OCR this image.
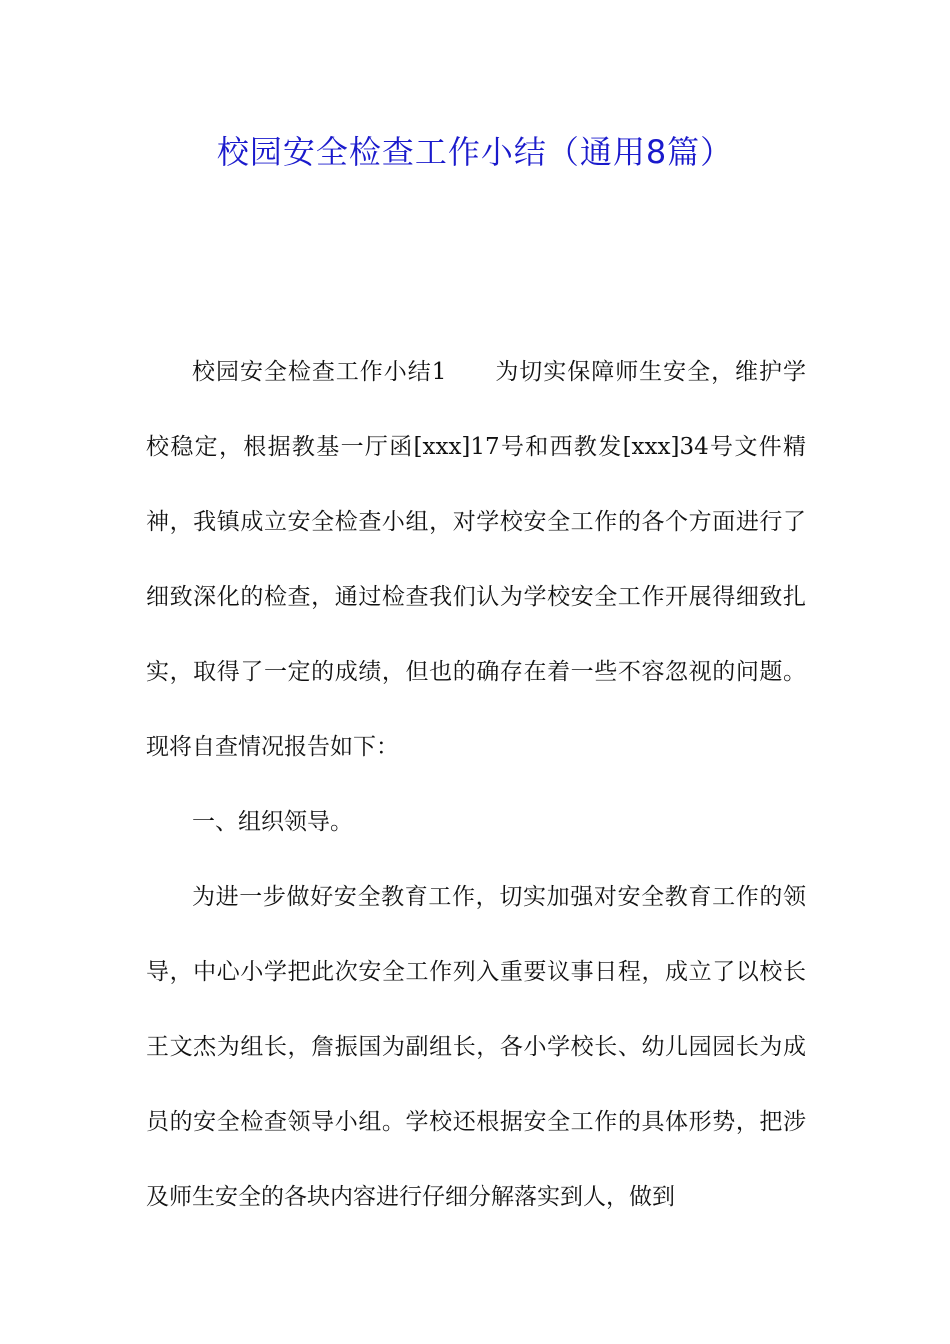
校园安全检查工作小结（通用8篇）

校园安全检查工作小结1 为切实保障师生安全，维护学校稳定，根据教基一厅函[xxx]17号和西教发[xxx]34号文件精神，我镇成立安全检查小组，对学校安全工作的各个方面进行了细致深化的检查，通过检查我们认为学校安全工作开展得细致扎实，取得了一定的成绩，但也的确存在着一些不容忽视的问题。现将自查情况报告如下：

一、组织领导。

为进一步做好安全教育工作，切实加强对安全教育工作的领导，中心小学把此次安全工作列入重要议事日程，成立了以校长王文杰为组长，詹振国为副组长，各小学校长、幼儿园园长为成员的安全检查领导小组。学校还根据安全工作的具体形势，把涉及师生安全的各块内容进行仔细分解落实到人，做到
